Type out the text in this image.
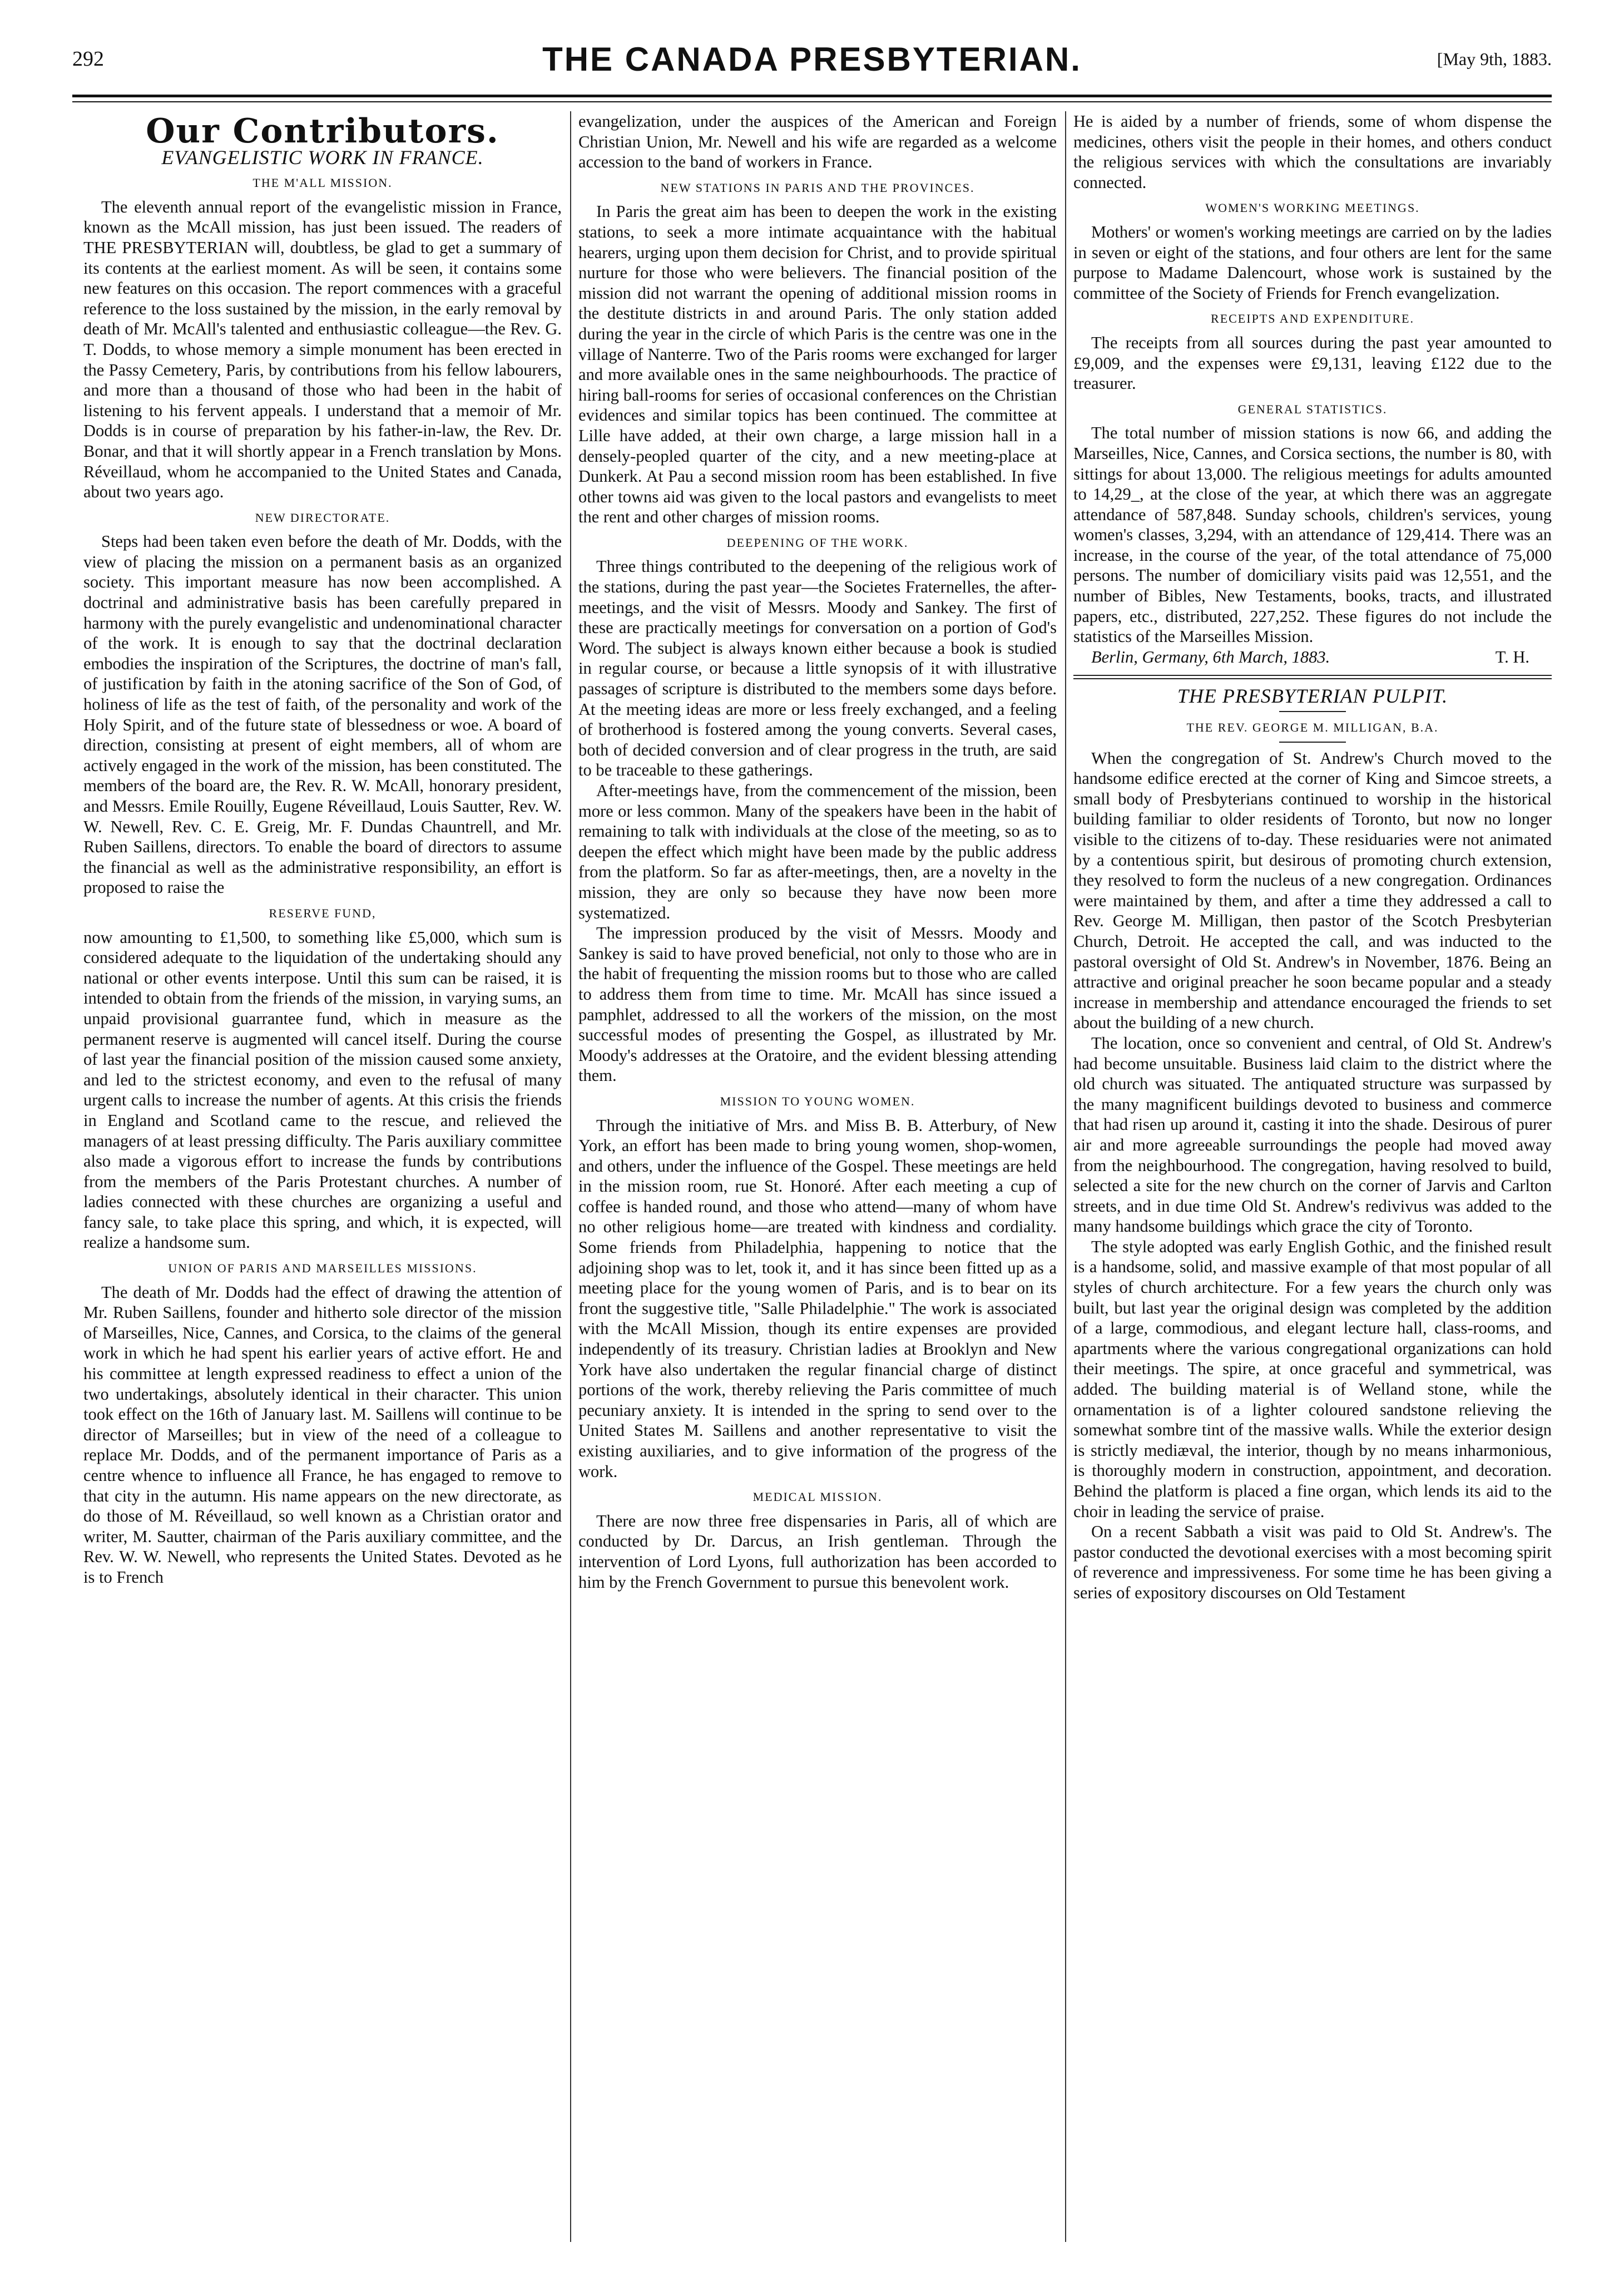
292	THE CANADA PRESBYTERIAN.	[May 9th, 1883.
Our Contributors.
EVANGELISTIC WORK IN FRANCE.
THE M'ALL MISSION.

The eleventh annual report of the evangelistic mission in France, known as the McAll mission, has just been issued. The readers of THE PRESBYTERIAN will, doubtless, be glad to get a summary of its contents at the earliest moment. As will be seen, it contains some new features on this occasion. The report commences with a graceful reference to the loss sustained by the mission, in the early removal by death of Mr. McAll's talented and enthusiastic colleague—the Rev. G. T. Dodds, to whose memory a simple monument has been erected in the Passy Cemetery, Paris, by contributions from his fellow labourers, and more than a thousand of those who had been in the habit of listening to his fervent appeals. I understand that a memoir of Mr. Dodds is in course of preparation by his father-in-law, the Rev. Dr. Bonar, and that it will shortly appear in a French translation by Mons. Réveillaud, whom he accompanied to the United States and Canada, about two years ago.

NEW DIRECTORATE.

Steps had been taken even before the death of Mr. Dodds, with the view of placing the mission on a permanent basis as an organized society. This important measure has now been accomplished. A doctrinal and administrative basis has been carefully prepared in harmony with the purely evangelistic and undenominational character of the work. It is enough to say that the doctrinal declaration embodies the inspiration of the Scriptures, the doctrine of man's fall, of justification by faith in the atoning sacrifice of the Son of God, of holiness of life as the test of faith, of the personality and work of the Holy Spirit, and of the future state of blessedness or woe. A board of direction, consisting at present of eight members, all of whom are actively engaged in the work of the mission, has been constituted. The members of the board are, the Rev. R. W. McAll, honorary president, and Messrs. Emile Rouilly, Eugene Réveillaud, Louis Sautter, Rev. W. W. Newell, Rev. C. E. Greig, Mr. F. Dundas Chauntrell, and Mr. Ruben Saillens, directors. To enable the board of directors to assume the financial as well as the administrative responsibility, an effort is proposed to raise the

RESERVE FUND,

now amounting to £1,500, to something like £5,000, which sum is considered adequate to the liquidation of the undertaking should any national or other events interpose. Until this sum can be raised, it is intended to obtain from the friends of the mission, in varying sums, an unpaid provisional guarrantee fund, which in measure as the permanent reserve is augmented will cancel itself. During the course of last year the financial position of the mission caused some anxiety, and led to the strictest economy, and even to the refusal of many urgent calls to increase the number of agents. At this crisis the friends in England and Scotland came to the rescue, and relieved the managers of at least pressing difficulty. The Paris auxiliary committee also made a vigorous effort to increase the funds by contributions from the members of the Paris Protestant churches. A number of ladies connected with these churches are organizing a useful and fancy sale, to take place this spring, and which, it is expected, will realize a handsome sum.

UNION OF PARIS AND MARSEILLES MISSIONS.

The death of Mr. Dodds had the effect of drawing the attention of Mr. Ruben Saillens, founder and hitherto sole director of the mission of Marseilles, Nice, Cannes, and Corsica, to the claims of the general work in which he had spent his earlier years of active effort. He and his committee at length expressed readiness to effect a union of the two undertakings, absolutely identical in their character. This union took effect on the 16th of January last. M. Saillens will continue to be director of Marseilles; but in view of the need of a colleague to replace Mr. Dodds, and of the permanent importance of Paris as a centre whence to influence all France, he has engaged to remove to that city in the autumn. His name appears on the new directorate, as do those of M. Réveillaud, so well known as a Christian orator and writer, M. Sautter, chairman of the Paris auxiliary committee, and the Rev. W. W. Newell, who represents the United States. Devoted as he is to French

evangelization, under the auspices of the American and Foreign Christian Union, Mr. Newell and his wife are regarded as a welcome accession to the band of workers in France.

NEW STATIONS IN PARIS AND THE PROVINCES.

In Paris the great aim has been to deepen the work in the existing stations, to seek a more intimate acquaintance with the habitual hearers, urging upon them decision for Christ, and to provide spiritual nurture for those who were believers. The financial position of the mission did not warrant the opening of additional mission rooms in the destitute districts in and around Paris. The only station added during the year in the circle of which Paris is the centre was one in the village of Nanterre. Two of the Paris rooms were exchanged for larger and more available ones in the same neighbourhoods. The practice of hiring ball-rooms for series of occasional conferences on the Christian evidences and similar topics has been continued. The committee at Lille have added, at their own charge, a large mission hall in a densely-peopled quarter of the city, and a new meeting-place at Dunkerk. At Pau a second mission room has been established. In five other towns aid was given to the local pastors and evangelists to meet the rent and other charges of mission rooms.

DEEPENING OF THE WORK.

Three things contributed to the deepening of the religious work of the stations, during the past year—the Societes Fraternelles, the after-meetings, and the visit of Messrs. Moody and Sankey. The first of these are practically meetings for conversation on a portion of God's Word. The subject is always known either because a book is studied in regular course, or because a little synopsis of it with illustrative passages of scripture is distributed to the members some days before. At the meeting ideas are more or less freely exchanged, and a feeling of brotherhood is fostered among the young converts. Several cases, both of decided conversion and of clear progress in the truth, are said to be traceable to these gatherings.

After-meetings have, from the commencement of the mission, been more or less common. Many of the speakers have been in the habit of remaining to talk with individuals at the close of the meeting, so as to deepen the effect which might have been made by the public address from the platform. So far as after-meetings, then, are a novelty in the mission, they are only so because they have now been more systematized.

The impression produced by the visit of Messrs. Moody and Sankey is said to have proved beneficial, not only to those who are in the habit of frequenting the mission rooms but to those who are called to address them from time to time. Mr. McAll has since issued a pamphlet, addressed to all the workers of the mission, on the most successful modes of presenting the Gospel, as illustrated by Mr. Moody's addresses at the Oratoire, and the evident blessing attending them.

MISSION TO YOUNG WOMEN.

Through the initiative of Mrs. and Miss B. B. Atterbury, of New York, an effort has been made to bring young women, shop-women, and others, under the influence of the Gospel. These meetings are held in the mission room, rue St. Honoré. After each meeting a cup of coffee is handed round, and those who attend—many of whom have no other religious home—are treated with kindness and cordiality. Some friends from Philadelphia, happening to notice that the adjoining shop was to let, took it, and it has since been fitted up as a meeting place for the young women of Paris, and is to bear on its front the suggestive title, "Salle Philadelphie." The work is associated with the McAll Mission, though its entire expenses are provided independently of its treasury. Christian ladies at Brooklyn and New York have also undertaken the regular financial charge of distinct portions of the work, thereby relieving the Paris committee of much pecuniary anxiety. It is intended in the spring to send over to the United States M. Saillens and another representative to visit the existing auxiliaries, and to give information of the progress of the work.

MEDICAL MISSION.

There are now three free dispensaries in Paris, all of which are conducted by Dr. Darcus, an Irish gentleman. Through the intervention of Lord Lyons, full authorization has been accorded to him by the French Government to pursue this benevolent work.

He is aided by a number of friends, some of whom dispense the medicines, others visit the people in their homes, and others conduct the religious services with which the consultations are invariably connected.

WOMEN'S WORKING MEETINGS.

Mothers' or women's working meetings are carried on by the ladies in seven or eight of the stations, and four others are lent for the same purpose to Madame Dalencourt, whose work is sustained by the committee of the Society of Friends for French evangelization.

RECEIPTS AND EXPENDITURE.

The receipts from all sources during the past year amounted to £9,009, and the expenses were £9,131, leaving £122 due to the treasurer.

GENERAL STATISTICS.

The total number of mission stations is now 66, and adding the Marseilles, Nice, Cannes, and Corsica sections, the number is 80, with sittings for about 13,000. The religious meetings for adults amounted to 14,29_, at the close of the year, at which there was an aggregate attendance of 587,848. Sunday schools, children's services, young women's classes, 3,294, with an attendance of 129,414. There was an increase, in the course of the year, of the total attendance of 75,000 persons. The number of domiciliary visits paid was 12,551, and the number of Bibles, New Testaments, books, tracts, and illustrated papers, etc., distributed, 227,252. These figures do not include the statistics of the Marseilles Mission.

Berlin, Germany, 6th March, 1883.	T. H.
THE PRESBYTERIAN PULPIT.
THE REV. GEORGE M. MILLIGAN, B.A.

When the congregation of St. Andrew's Church moved to the handsome edifice erected at the corner of King and Simcoe streets, a small body of Presbyterians continued to worship in the historical building familiar to older residents of Toronto, but now no longer visible to the citizens of to-day. These residuaries were not animated by a contentious spirit, but desirous of promoting church extension, they resolved to form the nucleus of a new congregation. Ordinances were maintained by them, and after a time they addressed a call to Rev. George M. Milligan, then pastor of the Scotch Presbyterian Church, Detroit. He accepted the call, and was inducted to the pastoral oversight of Old St. Andrew's in November, 1876. Being an attractive and original preacher he soon became popular and a steady increase in membership and attendance encouraged the friends to set about the building of a new church.

The location, once so convenient and central, of Old St. Andrew's had become unsuitable. Business laid claim to the district where the old church was situated. The antiquated structure was surpassed by the many magnificent buildings devoted to business and commerce that had risen up around it, casting it into the shade. Desirous of purer air and more agreeable surroundings the people had moved away from the neighbourhood. The congregation, having resolved to build, selected a site for the new church on the corner of Jarvis and Carlton streets, and in due time Old St. Andrew's redivivus was added to the many handsome buildings which grace the city of Toronto.

The style adopted was early English Gothic, and the finished result is a handsome, solid, and massive example of that most popular of all styles of church architecture. For a few years the church only was built, but last year the original design was completed by the addition of a large, commodious, and elegant lecture hall, class-rooms, and apartments where the various congregational organizations can hold their meetings. The spire, at once graceful and symmetrical, was added. The building material is of Welland stone, while the ornamentation is of a lighter coloured sandstone relieving the somewhat sombre tint of the massive walls. While the exterior design is strictly mediæval, the interior, though by no means inharmonious, is thoroughly modern in construction, appointment, and decoration. Behind the platform is placed a fine organ, which lends its aid to the choir in leading the service of praise.

On a recent Sabbath a visit was paid to Old St. Andrew's. The pastor conducted the devotional exercises with a most becoming spirit of reverence and impressiveness. For some time he has been giving a series of expository discourses on Old Testament
